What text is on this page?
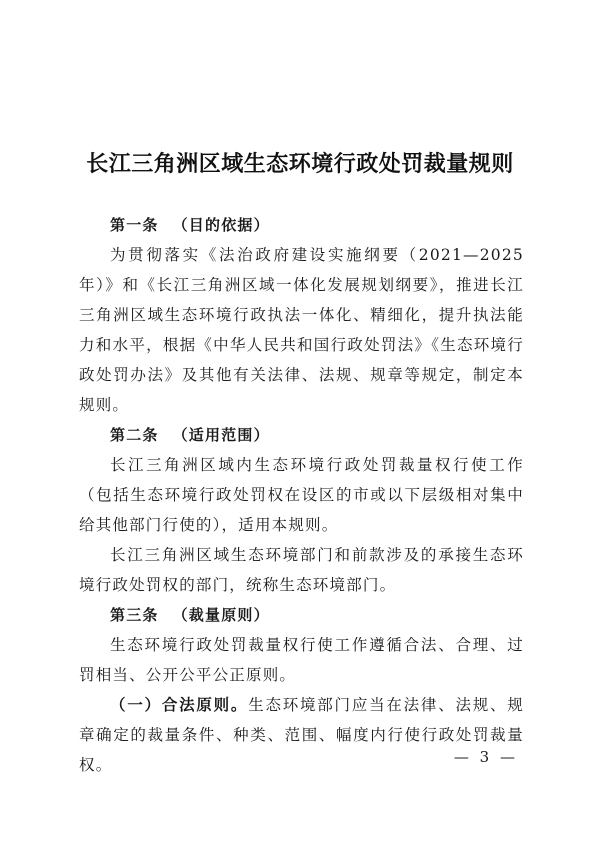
长江三角洲区域生态环境行政处罚裁量规则

第一条 （目的依据）

为贯彻落实《法治政府建设实施纲要（2021—2025 年）》和《长江三角洲区域一体化发展规划纲要》，推进长江三角洲区域生态环境行政执法一体化、精细化，提升执法能力和水平，根据《中华人民共和国行政处罚法》《生态环境行政处罚办法》及其他有关法律、法规、规章等规定，制定本规则。

第二条 （适用范围）

长江三角洲区域内生态环境行政处罚裁量权行使工作（包括生态环境行政处罚权在设区的市或以下层级相对集中给其他部门行使的），适用本规则。

长江三角洲区域生态环境部门和前款涉及的承接生态环境行政处罚权的部门，统称生态环境部门。

第三条 （裁量原则）

生态环境行政处罚裁量权行使工作遵循合法、合理、过罚相当、公开公平公正原则。

（一）合法原则。生态环境部门应当在法律、法规、规章确定的裁量条件、种类、范围、幅度内行使行政处罚裁量权。	— 3 —
